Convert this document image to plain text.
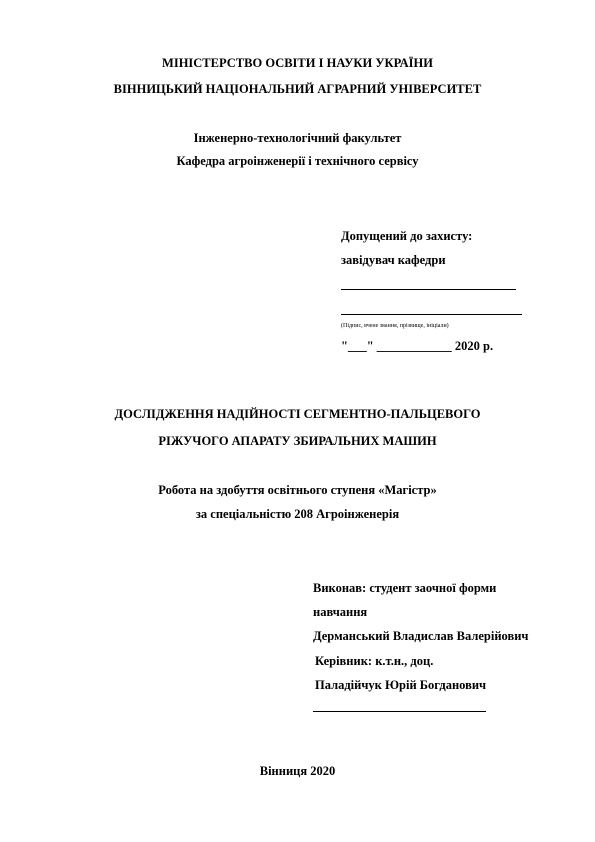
МІНІСТЕРСТВО ОСВІТИ І НАУКИ УКРАЇНИ
ВІННИЦЬКИЙ НАЦІОНАЛЬНИЙ АГРАРНИЙ УНІВЕРСИТЕТ
Інженерно-технологічний факультет
Кафедра агроінженерії і технічного сервісу
Допущений до захисту:
завідувач кафедри
(Підпис, вчене звання, прізвище, ініціали)
"___" ____________ 2020 р.
ДОСЛІДЖЕННЯ НАДІЙНОСТІ СЕГМЕНТНО-ПАЛЬЦЕВОГО
РІЖУЧОГО АПАРАТУ ЗБИРАЛЬНИХ МАШИН
Робота на здобуття освітнього ступеня «Магістр»
за спеціальністю 208 Агроінженерія
Виконав: студент заочної форми
навчання
Дерманський Владислав Валерійович
Керівник: к.т.н., доц.
Паладійчук Юрій Богданович
Вінниця 2020
